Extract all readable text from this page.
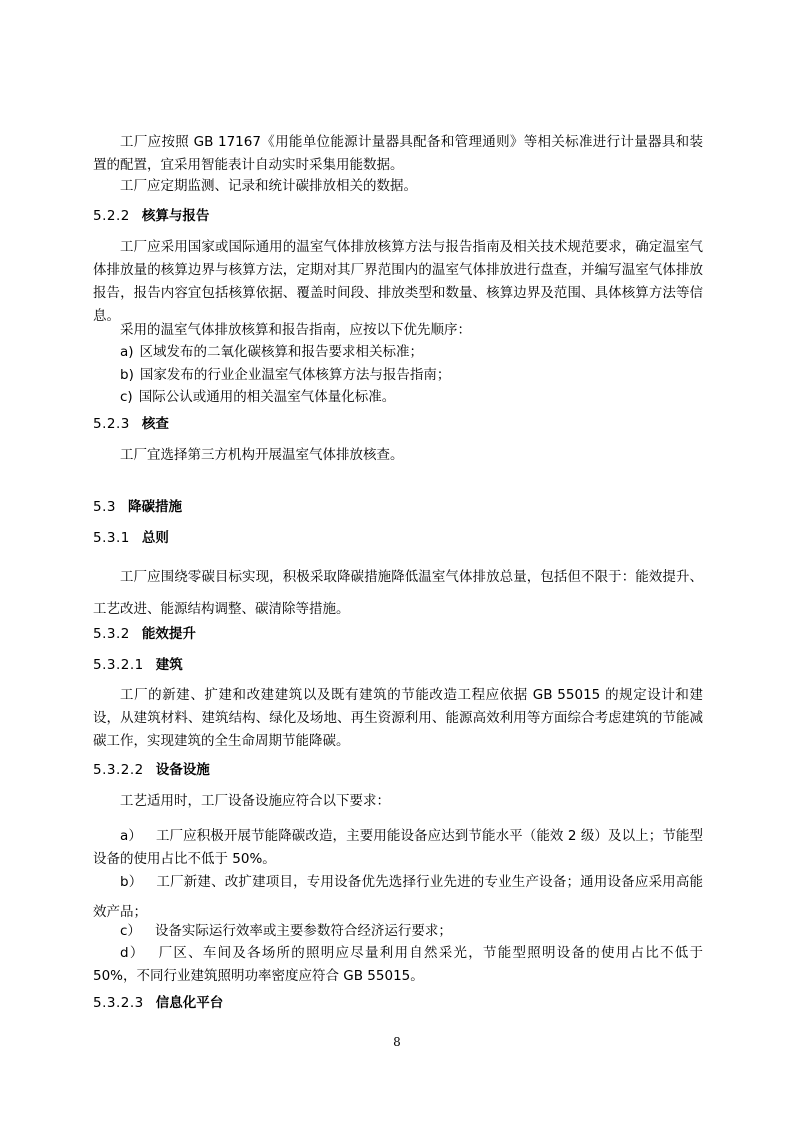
工厂应按照 GB 17167《用能单位能源计量器具配备和管理通则》等相关标准进行计量器具和装置的配置，宜采用智能表计自动实时采集用能数据。

工厂应定期监测、记录和统计碳排放相关的数据。

5.2.2 核算与报告

工厂应采用国家或国际通用的温室气体排放核算方法与报告指南及相关技术规范要求，确定温室气体排放量的核算边界与核算方法，定期对其厂界范围内的温室气体排放进行盘查，并编写温室气体排放报告，报告内容宜包括核算依据、覆盖时间段、排放类型和数量、核算边界及范围、具体核算方法等信息。

采用的温室气体排放核算和报告指南，应按以下优先顺序：

a) 区域发布的二氧化碳核算和报告要求相关标准；
b) 国家发布的行业企业温室气体核算方法与报告指南；
c) 国际公认或通用的相关温室气体量化标准。
5.2.3 核查

工厂宜选择第三方机构开展温室气体排放核查。

5.3 降碳措施
5.3.1 总则

工厂应围绕零碳目标实现，积极采取降碳措施降低温室气体排放总量，包括但不限于：能效提升、工艺改进、能源结构调整、碳清除等措施。

5.3.2 能效提升
5.3.2.1 建筑

工厂的新建、扩建和改建建筑以及既有建筑的节能改造工程应依据 GB 55015 的规定设计和建设，从建筑材料、建筑结构、绿化及场地、再生资源利用、能源高效利用等方面综合考虑建筑的节能减碳工作，实现建筑的全生命周期节能降碳。

5.3.2.2 设备设施

工艺适用时，工厂设备设施应符合以下要求：

a） 工厂应积极开展节能降碳改造，主要用能设备应达到节能水平（能效 2 级）及以上；节能型设备的使用占比不低于 50%。

b） 工厂新建、改扩建项目，专用设备优先选择行业先进的专业生产设备；通用设备应采用高能效产品；

c） 设备实际运行效率或主要参数符合经济运行要求；

d） 厂区、车间及各场所的照明应尽量利用自然采光，节能型照明设备的使用占比不低于 50%，不同行业建筑照明功率密度应符合 GB 55015。

5.3.2.3 信息化平台
8
